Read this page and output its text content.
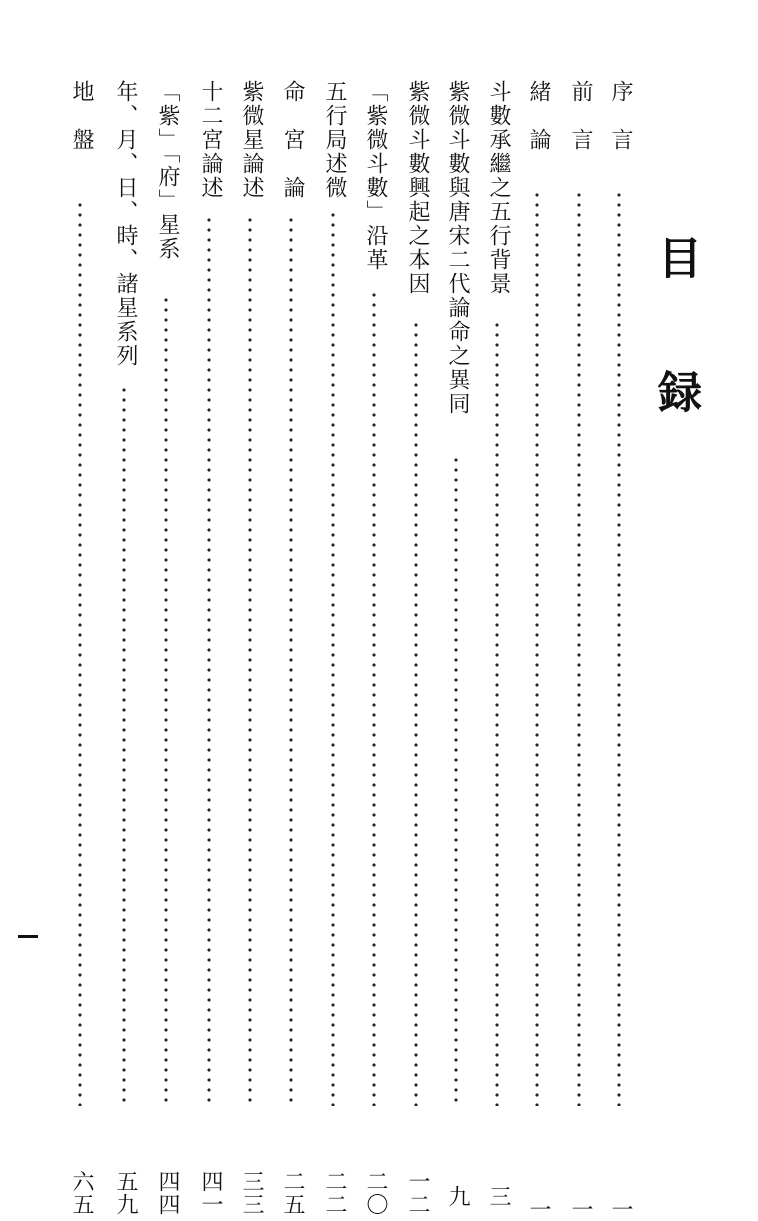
目録
序　言
一
前　言
一
緒　論
一
斗數承繼之五行背景
三
紫微斗數與唐宋二代論命之異同
九
紫微斗數興起之本因
一二
「紫微斗數」沿革
二〇
五行局述微
二二
命　宮　論
二五
紫微星論述
三三
十二宮論述
四一
「紫」「府」星系
四四
年、月、日、時、諸星系列
五九
地　盤
六五
